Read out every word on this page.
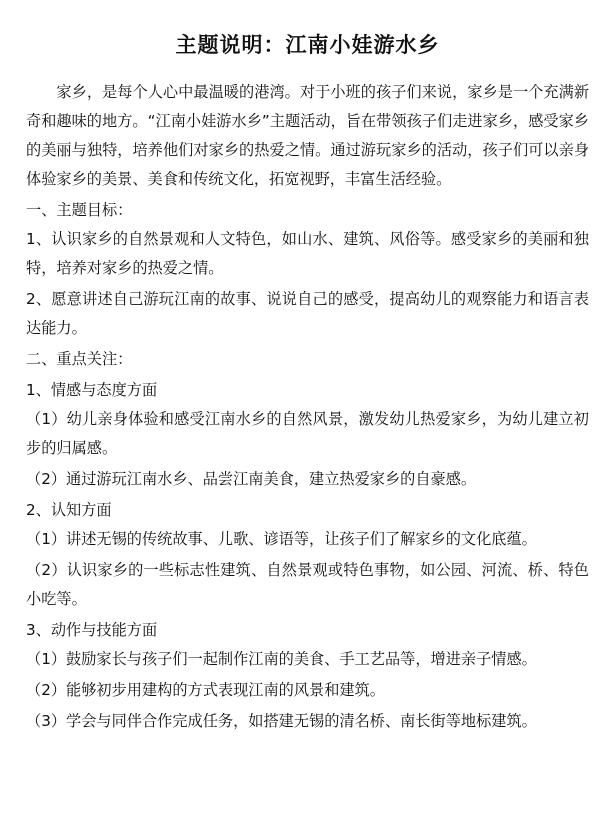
主题说明：江南小娃游水乡

家乡，是每个人心中最温暖的港湾。对于小班的孩子们来说，家乡是一个充满新奇和趣味的地方。“江南小娃游水乡”主题活动，旨在带领孩子们走进家乡，感受家乡的美丽与独特，培养他们对家乡的热爱之情。通过游玩家乡的活动，孩子们可以亲身体验家乡的美景、美食和传统文化，拓宽视野，丰富生活经验。

一、主题目标：

1、认识家乡的自然景观和人文特色，如山水、建筑、风俗等。感受家乡的美丽和独特，培养对家乡的热爱之情。

2、愿意讲述自己游玩江南的故事、说说自己的感受，提高幼儿的观察能力和语言表达能力。

二、重点关注：

1、情感与态度方面

（1）幼儿亲身体验和感受江南水乡的自然风景，激发幼儿热爱家乡，为幼儿建立初步的归属感。

（2）通过游玩江南水乡、品尝江南美食，建立热爱家乡的自豪感。

2、认知方面

（1）讲述无锡的传统故事、儿歌、谚语等，让孩子们了解家乡的文化底蕴。

（2）认识家乡的一些标志性建筑、自然景观或特色事物，如公园、河流、桥、特色小吃等。

3、动作与技能方面

（1）鼓励家长与孩子们一起制作江南的美食、手工艺品等，增进亲子情感。

（2）能够初步用建构的方式表现江南的风景和建筑。

（3）学会与同伴合作完成任务，如搭建无锡的清名桥、南长街等地标建筑。
